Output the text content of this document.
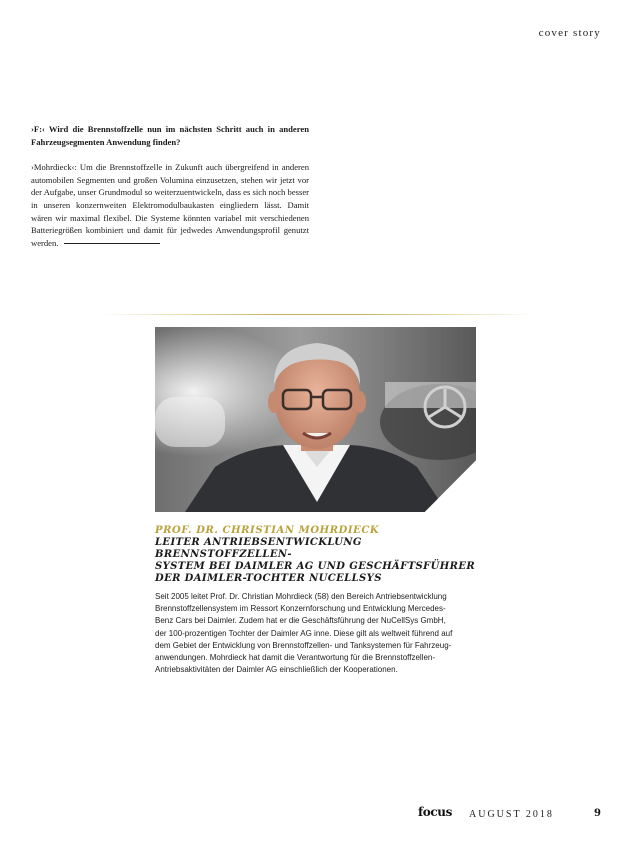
cover story

›F:‹ Wird die Brennstoffzelle nun im nächsten Schritt auch in anderen Fahrzeugsegmenten Anwendung finden?

›Mohrdieck‹: Um die Brennstoffzelle in Zukunft auch übergreifend in anderen automobilen Segmenten und großen Volumina einzusetzen, stehen wir jetzt vor der Aufgabe, unser Grundmodul so weiterzuentwickeln, dass es sich noch besser in unseren konzernweiten Elektromodulbaukasten eingliedern lässt. Damit wären wir maximal flexibel. Die Systeme könnten variabel mit verschiedenen Batteriegrößen kombiniert und damit für jedwedes Anwendungsprofil genutzt werden.

PROF. DR. CHRISTIAN MOHRDIECK
LEITER ANTRIEBSENTWICKLUNG BRENNSTOFFZELLEN-
SYSTEM BEI DAIMLER AG UND GESCHÄFTSFÜHRER
DER DAIMLER-TOCHTER NUCELLSYS
Seit 2005 leitet Prof. Dr. Christian Mohrdieck (58) den Bereich Antriebsentwicklung
Brennstoffzellensystem im Ressort Konzernforschung und Entwicklung Mercedes-
Benz Cars bei Daimler. Zudem hat er die Geschäftsführung der NuCellSys GmbH,
der 100-prozentigen Tochter der Daimler AG inne. Diese gilt als weltweit führend auf
dem Gebiet der Entwicklung von Brennstoffzellen- und Tanksystemen für Fahrzeug-
anwendungen. Mohrdieck hat damit die Verantwortung für die Brennstoffzellen-
Antriebsaktivitäten der Daimler AG einschließlich der Kooperationen.
focus AUGUST 2018	9
